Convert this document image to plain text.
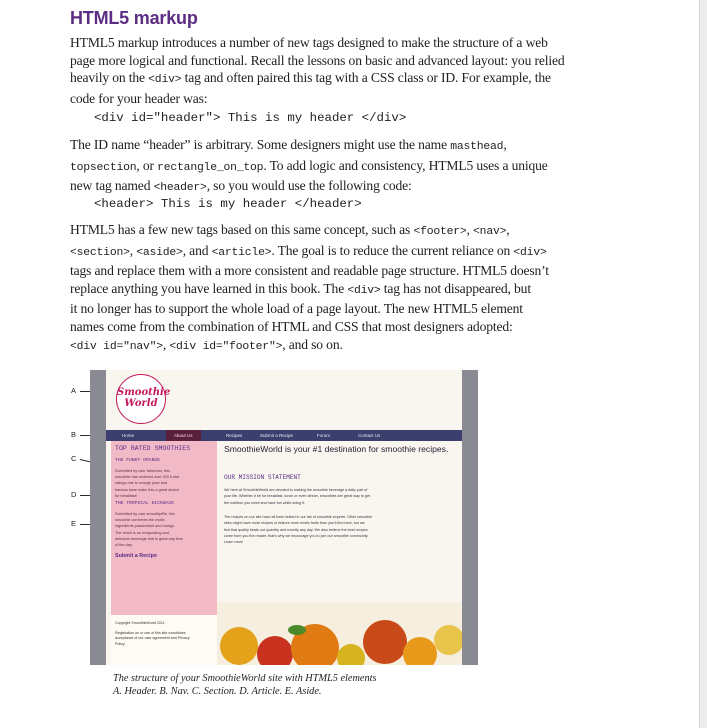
HTML5 markup

HTML5 markup introduces a number of new tags designed to make the structure of a web
page more logical and functional. Recall the lessons on basic and advanced layout: you relied
heavily on the <div> tag and often paired this tag with a CSS class or ID. For example, the
code for your header was:

<div id="header"> This is my header </div>

The ID name “header” is arbitrary. Some designers might use the name masthead,
topsection, or rectangle_on_top. To add logic and consistency, HTML5 uses a unique
new tag named <header>, so you would use the following code:

<header> This is my header </header>

HTML5 has a few new tags based on this same concept, such as <footer>, <nav>,
<section>, <aside>, and <article>. The goal is to reduce the current reliance on <div>
tags and replace them with a more consistent and readable page structure. HTML5 doesn’t
replace anything you have learned in this book. The <div> tag has not disappeared, but
it no longer has to support the whole load of a page layout. The new HTML5 element
names come from the combination of HTML and CSS that most designers adopted:
<div id="nav">, <div id="footer">, and so on.

A
B
C
D
E
Smoothie
World
Home	About Us	Recipes	Submit a Recipe	Forum	Contact Us
TOP RATED SMOOTHIES
THE FUNKY ORANGE
Submitted by user Iwbernus, this
smoothie has recieved over 200 5 star
ratings due to orange juice and
banana base make this a great choice
for breakfast!
THE TROPICAL KICKBACK
Submitted by user smoothjoRe, this
smoothie combines the exotic
ingredients passionfruit and mango.
The result is an invigorating and
delicious beverage that is great any time
of the day.
Submit a Recipe
SmoothieWorld is your #1 destination for smoothie recipes.
OUR MISSION STATEMENT
We here at SmoothieWorld are devoted to making the smoothie beverage a daily part of
your life. Whether it be for breakfast, lunch or even dinner, smoothies are great way to get
the nutrition you need and have fun while doing it.
The recipes on our site have all been tested in our lab of smoothie experts. Other smoothie
sites might have more recipes or feature more exotic fruits than you'll find here, but we
feel that quality beats out quantity and novelty any day. We also believe the best recipes
come from you the reader, that's why we encourage you to join our smoothie community.
Learn more
Copyright SmoothieWorld 2011
Registration on or use of this site constitutes
acceptance of our user agreement and Privacy
Policy.

The structure of your SmoothieWorld site with HTML5 elements
A. Header. B. Nav. C. Section. D. Article. E. Aside.
